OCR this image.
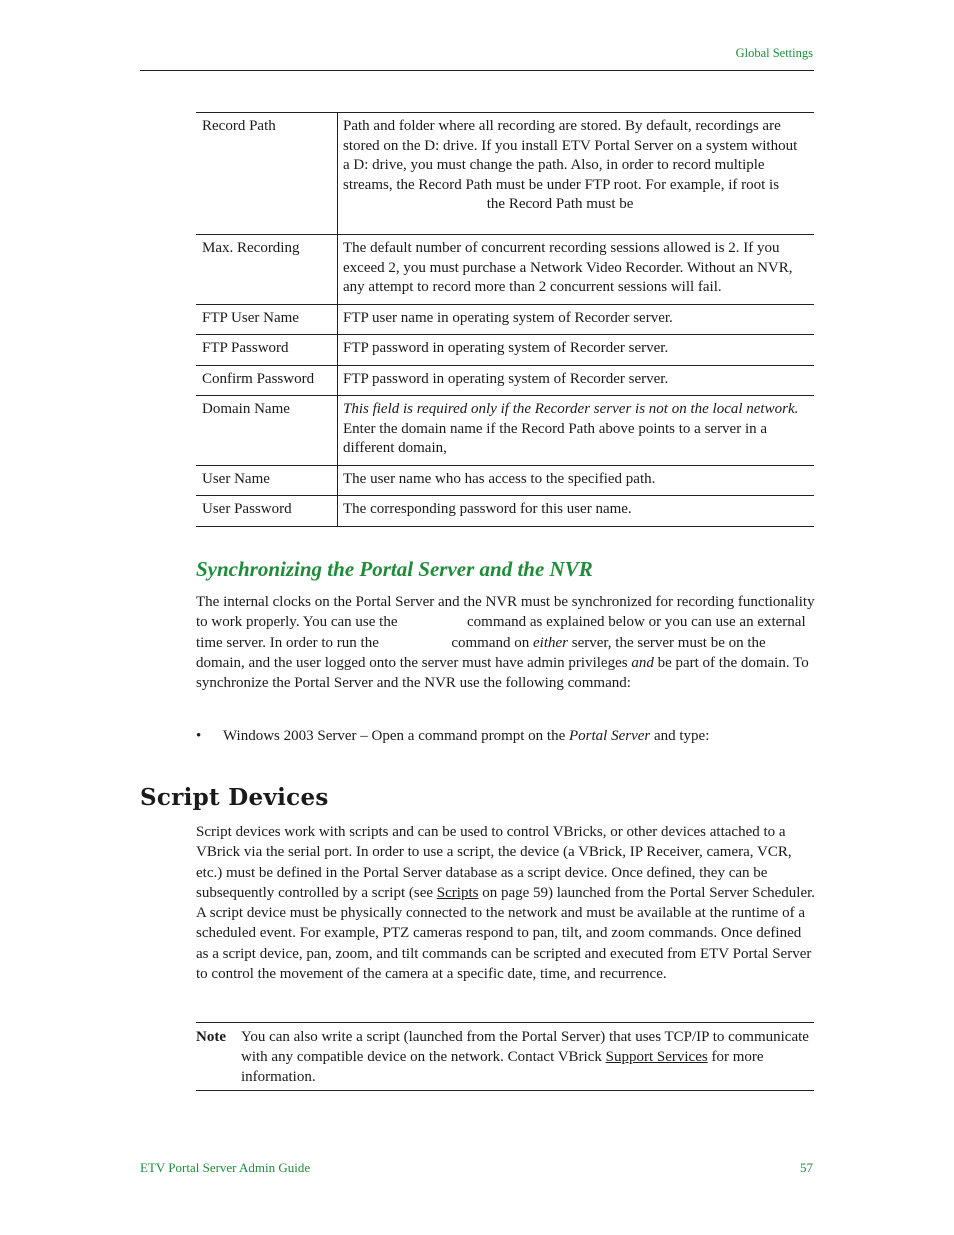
Global Settings
Record Path	Path and folder where all recording are stored. By default, recordings are stored on the D: drive. If you install ETV Portal Server on a system without a D: drive, you must change the path. Also, in order to record multiple streams, the Record Path must be under FTP root. For example, if root is  the Record Path must be
Max. Recording	The default number of concurrent recording sessions allowed is 2. If you exceed 2, you must purchase a Network Video Recorder. Without an NVR, any attempt to record more than 2 concurrent sessions will fail.
FTP User Name	FTP user name in operating system of Recorder server.
FTP Password	FTP password in operating system of Recorder server.
Confirm Password	FTP password in operating system of Recorder server.
Domain Name	This field is required only if the Recorder server is not on the local network. Enter the domain name if the Record Path above points to a server in a different domain,
User Name	The user name who has access to the specified path.
User Password	The corresponding password for this user name.
Synchronizing the Portal Server and the NVR
The internal clocks on the Portal Server and the NVR must be synchronized for recording functionality to work properly. You can use the	command as explained below or you can use an external time server. In order to run the	command on either server, the server must be on the domain, and the user logged onto the server must have admin privileges and be part of the domain. To synchronize the Portal Server and the NVR use the following command:
• Windows 2003 Server – Open a command prompt on the Portal Server and type:
Script Devices
Script devices work with scripts and can be used to control VBricks, or other devices attached to a VBrick via the serial port. In order to use a script, the device (a VBrick, IP Receiver, camera, VCR, etc.) must be defined in the Portal Server database as a script device. Once defined, they can be subsequently controlled by a script (see Scripts on page 59) launched from the Portal Server Scheduler. A script device must be physically connected to the network and must be available at the runtime of a scheduled event. For example, PTZ cameras respond to pan, tilt, and zoom commands. Once defined as a script device, pan, zoom, and tilt commands can be scripted and executed from ETV Portal Server to control the movement of the camera at a specific date, time, and recurrence.
Note You can also write a script (launched from the Portal Server) that uses TCP/IP to communicate with any compatible device on the network. Contact VBrick Support Services for more information.
ETV Portal Server Admin Guide	57
